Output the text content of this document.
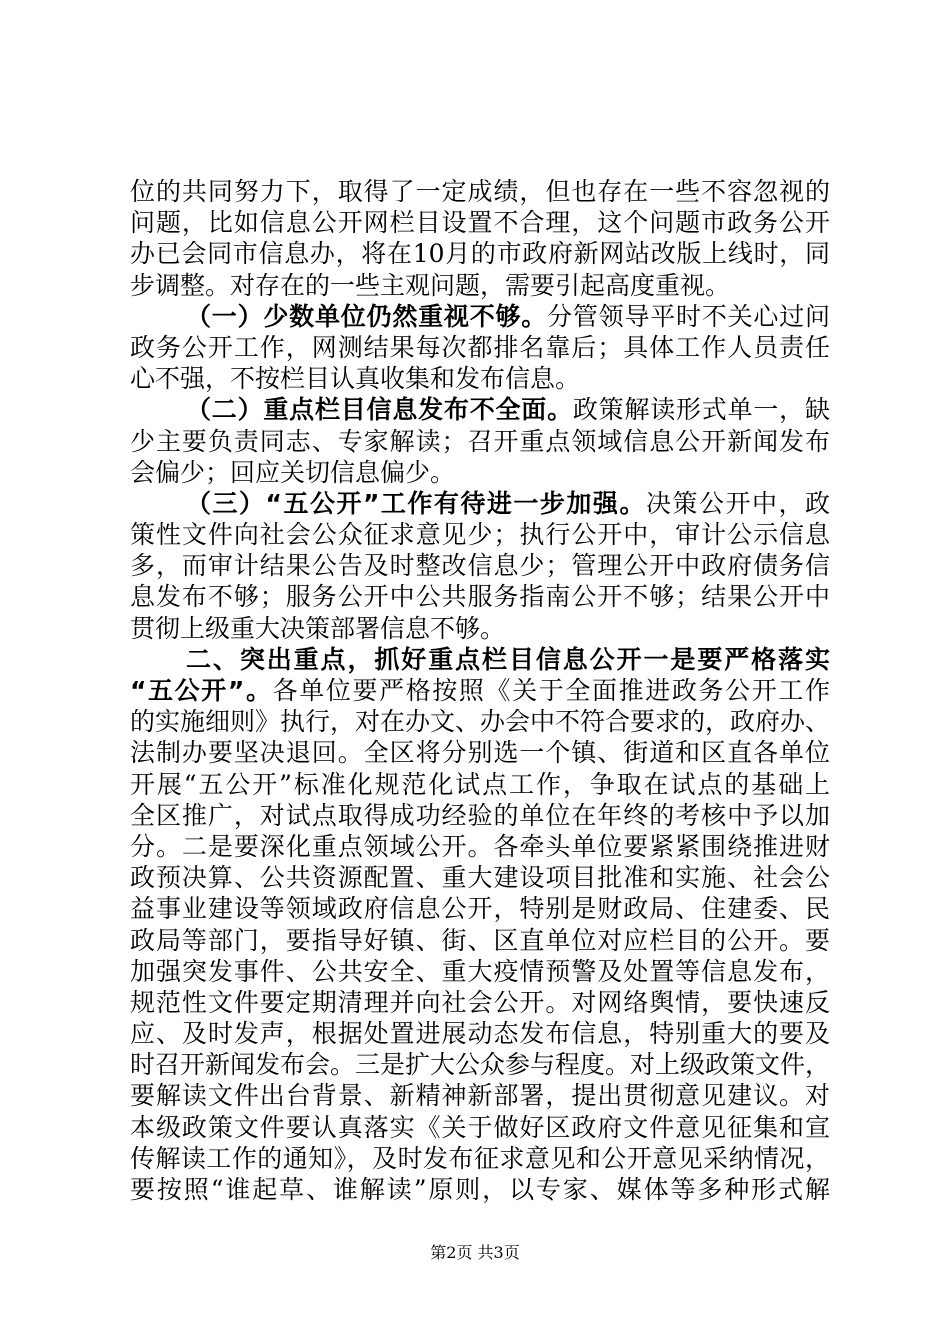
位的共同努力下，取得了一定成绩，但也存在一些不容忽视的
问题，比如信息公开网栏目设置不合理，这个问题市政务公开
办已会同市信息办，将在10月的市政府新网站改版上线时，同
步调整。对存在的一些主观问题，需要引起高度重视。
（一）少数单位仍然重视不够。分管领导平时不关心过问
政务公开工作，网测结果每次都排名靠后；具体工作人员责任
心不强，不按栏目认真收集和发布信息。
（二）重点栏目信息发布不全面。政策解读形式单一，缺
少主要负责同志、专家解读；召开重点领域信息公开新闻发布
会偏少；回应关切信息偏少。
（三）“五公开”工作有待进一步加强。决策公开中，政
策性文件向社会公众征求意见少；执行公开中，审计公示信息
多，而审计结果公告及时整改信息少；管理公开中政府债务信
息发布不够；服务公开中公共服务指南公开不够；结果公开中
贯彻上级重大决策部署信息不够。
二、突出重点，抓好重点栏目信息公开一是要严格落实
“五公开”。各单位要严格按照《关于全面推进政务公开工作
的实施细则》执行，对在办文、办会中不符合要求的，政府办、
法制办要坚决退回。全区将分别选一个镇、街道和区直各单位
开展“五公开”标准化规范化试点工作，争取在试点的基础上
全区推广，对试点取得成功经验的单位在年终的考核中予以加
分。二是要深化重点领域公开。各牵头单位要紧紧围绕推进财
政预决算、公共资源配置、重大建设项目批准和实施、社会公
益事业建设等领域政府信息公开，特别是财政局、住建委、民
政局等部门，要指导好镇、街、区直单位对应栏目的公开。要
加强突发事件、公共安全、重大疫情预警及处置等信息发布，
规范性文件要定期清理并向社会公开。对网络舆情，要快速反
应、及时发声，根据处置进展动态发布信息，特别重大的要及
时召开新闻发布会。三是扩大公众参与程度。对上级政策文件，
要解读文件出台背景、新精神新部署，提出贯彻意见建议。对
本级政策文件要认真落实《关于做好区政府文件意见征集和宣
传解读工作的通知》，及时发布征求意见和公开意见采纳情况，
要按照“谁起草、谁解读”原则，以专家、媒体等多种形式解
第2页 共3页
